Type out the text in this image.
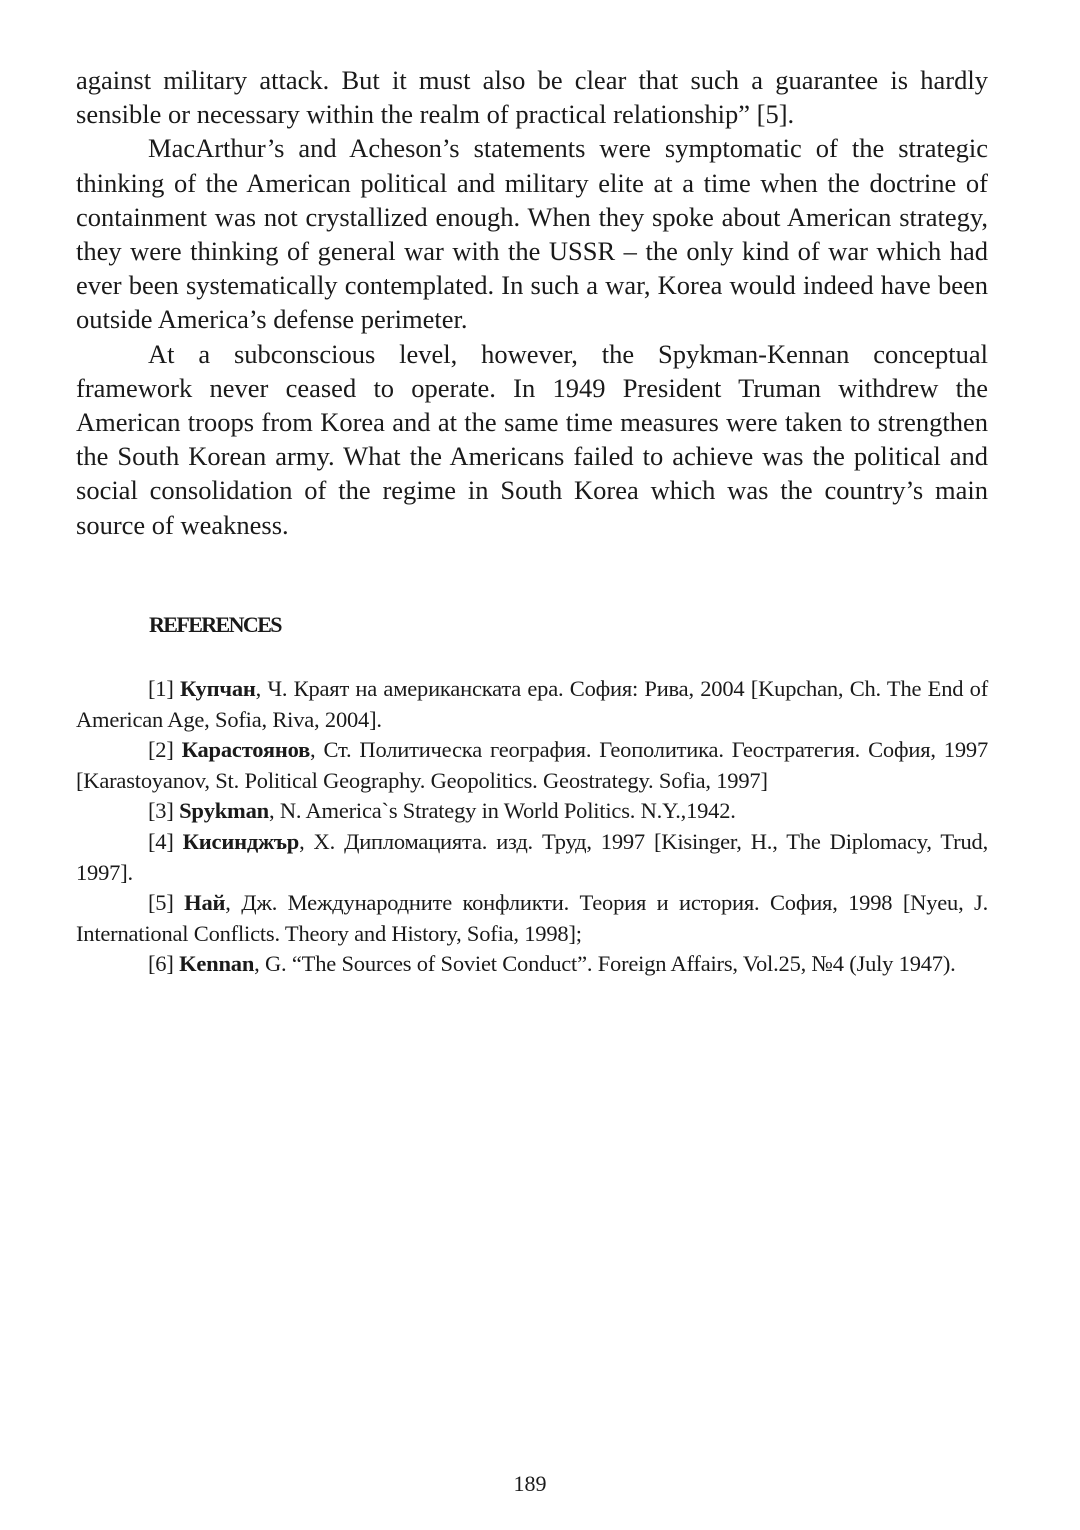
against military attack. But it must also be clear that such a guarantee is hardly sensible or necessary within the realm of practical relationship” [5].

MacArthur’s and Acheson’s statements were symptomatic of the strategic thinking of the American political and military elite at a time when the doctrine of containment was not crystallized enough. When they spoke about American strategy, they were thinking of general war with the USSR – the only kind of war which had ever been systematically contemplated. In such a war, Korea would indeed have been outside America’s defense perimeter.

At a subconscious level, however, the Spykman-Kennan conceptual framework never ceased to operate. In 1949 President Truman withdrew the American troops from Korea and at the same time measures were taken to strengthen the South Korean army. What the Americans failed to achieve was the political and social consolidation of the regime in South Korea which was the country’s main source of weakness.

REFERENCES

[1] Купчан, Ч. Краят на американската ера. София: Рива, 2004 [Kupchan, Ch. The End of American Age, Sofia, Riva, 2004].

[2] Карастоянов, Ст. Политическа география. Геополитика. Геостратегия. София, 1997 [Karastoyanov, St. Political Geography. Geopolitics. Geostrategy. Sofia, 1997]

[3] Spykman, N. America`s Strategy in World Politics. N.Y.,1942.

[4] Кисинджър, Х. Дипломацията. изд. Труд, 1997 [Kisinger, H., The Diplomacy, Trud, 1997].

[5] Най, Дж. Международните конфликти. Теория и история. София, 1998 [Nyeu, J. International Conflicts. Theory and History, Sofia, 1998];

[6] Kennan, G. “The Sources of Soviet Conduct”. Foreign Affairs, Vol.25, №4 (July 1947).

189
